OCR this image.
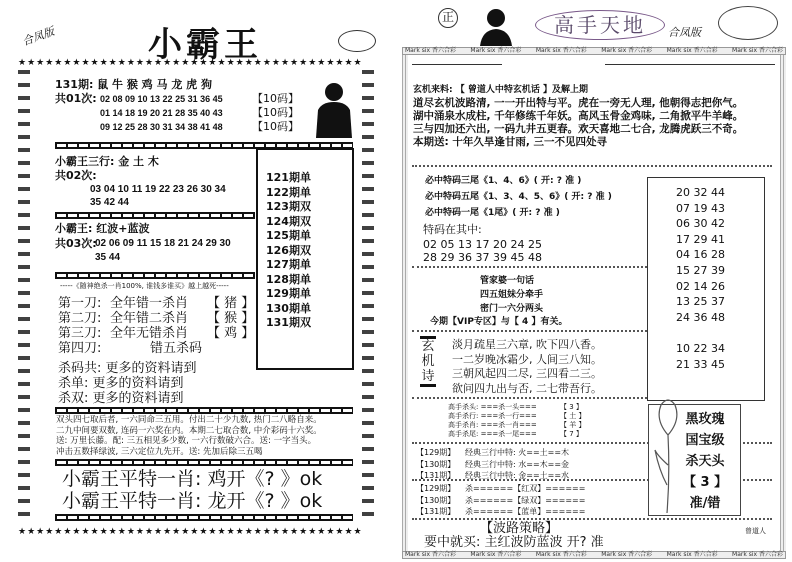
合凤版	小霸王
★★★★★★★★★★★★★★★★★★★★★★★★★★★★★★★★★★★★★★
★★★★★★★★★★★★★★★★★★★★★★★★★★★★★★★★★★★★★★
131期: 鼠 牛 猴 鸡 马 龙 虎 狗
共01次: 02 08 09 10 13 22 25 31 36 45
01 14 18 19 20 21 28 35 40 43
09 12 25 28 30 31 34 38 41 48
【10码】
【10码】
【10码】
小霸王三行: 金 土 木
共02次:
03 04 10 11 19 22 23 26 30 34
35 42 44
小霸王: 红波+蓝波
共03次:
02 06 09 11 15 18 21 24 29 30
35 44
121期单
122期单
123期双
124期双
125期单
126期双
127期单
128期单
129期单
130期单
131期双
-----《随神绝杀一肖100%, 谁钱多谁买》越上越死-----
第一刀: 全年错一杀肖 【 猪 】
第二刀: 全年错二杀肖 【 猴 】
第三刀: 全年无错杀肖 【 鸡 】
第四刀:	错五杀码
杀码共: 更多的资料请到
杀单: 更多的资料请到
杀双: 更多的资料请到
双头四七取后者, 一六同命三五用。付出二十少九数, 热门二八略自来。
二九中间要双数, 连码一六奖在内。本期二七取合数, 中介彩码十六奖。
送: 万里长藤。配: 三五相见多少数, 一六行数破六合。送: 一字当头。
冲击五数择绿波, 三六定位九先开。送: 先加后除三五喝
小霸王平特一肖: 鸡开《? 》ok
小霸王平特一肖: 龙开《? 》ok
正	高手天地	合凤版
Mark six 香六合彩 Mark six 香六合彩 Mark six 香六合彩 Mark six 香六合彩 Mark six 香六合彩 Mark six 香六合彩
Mark six 香六合彩 Mark six 香六合彩 Mark six 香六合彩 Mark six 香六合彩 Mark six 香六合彩 Mark six 香六合彩
玄机来料: 【 曾道人中特玄机话 】及解上期
道尽玄机波路清, 一一开出特与平。虎在一旁无人理, 他朝得志把你气。
湖中涌泉水成柱, 千年修练千年妖。高风玉骨金鸡味, 二角掀平牛羊峰。
三与四加还六出, 一码九井五更春。欢天喜地二七合, 龙腾虎跃三不奇。
本期送: 十年久旱逢甘雨, 三一不见四处寻
必中特码三尾《1、4、6》( 开: ? 准 )
必中特码五尾《1、3、4、5、6》( 开: ? 准 )
必中特码一尾《1尾》( 开: ? 准 )
特码在其中:
02 05 13 17 20 24 25
28 29 36 37 39 45 48
20 32 44
07 19 43
06 30 42
17 29 41
04 16 28
15 27 39
02 14 26
13 25 37
24 36 48
10 22 34
21 33 45
管家婆一句话
四五姐妹分牵手
密门一六分两头
今期【VIP专区】与【 4 】有关。
玄机诗
淡月疏星三六章, 吹下四八香。
一二岁晚冰霜少, 人间三八知。
三朝风起四二尽, 三四看二三。
欲问四九出与否, 二七带吾行。
高手杀头: ===杀一头===	【 3 】
高手杀行: ===杀一行===	【 土 】
高手杀肖: ===杀一肖===	【 羊 】
高手杀尾: ===杀一尾===	【 7 】
【129期】 经典三行中特: 火==土==木
【130期】 经典三行中特: 水==木==金
【131期】 经典三行中特: 金==土==水
【129期】 杀======【红双】======
【130期】 杀======【绿双】======
【131期】 杀======【蓝单】======
黑玫瑰
国宝级
杀天头
【 3 】
准/错
【波路策略】
要中就买: 主红波防蓝波 开? 准
曾道人
